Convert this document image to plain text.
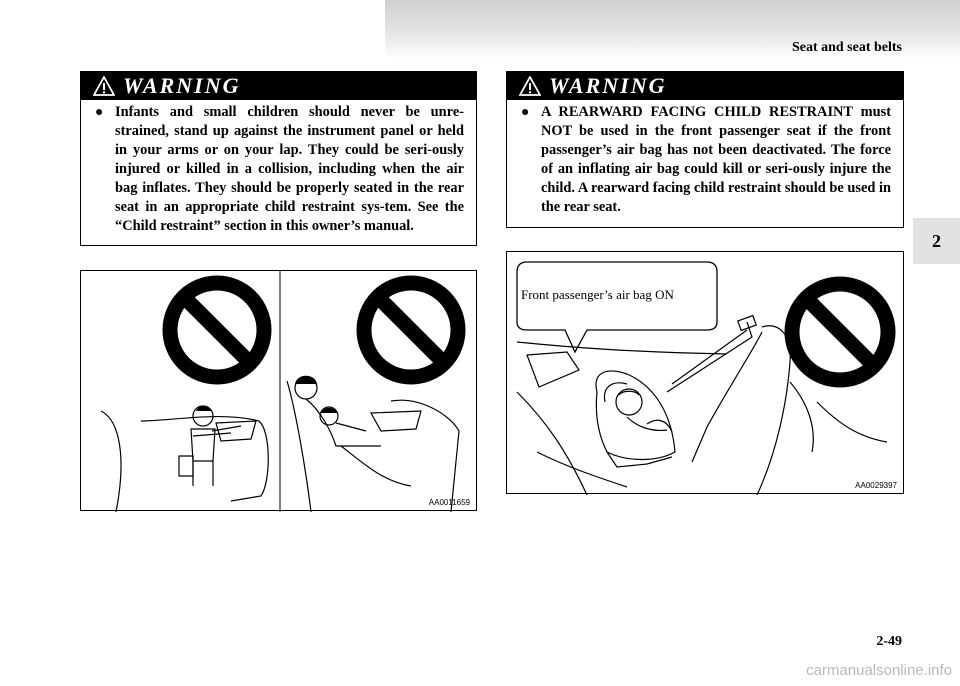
Seat and seat belts
2
WARNING
● Infants and small children should never be unre-strained, stand up against the instrument panel or held in your arms or on your lap. They could be seri-ously injured or killed in a collision, including when the air bag inflates. They should be properly seated in the rear seat in an appropriate child restraint sys-tem. See the “Child restraint” section in this owner’s manual.
WARNING
● A REARWARD FACING CHILD RESTRAINT must NOT be used in the front passenger seat if the front passenger’s air bag has not been deactivated. The force of an inflating air bag could kill or seri-ously injure the child. A rearward facing child restraint should be used in the rear seat.
AA0011659
Front passenger’s air bag ON
AA0029397
2-49
carmanualsonline.info
